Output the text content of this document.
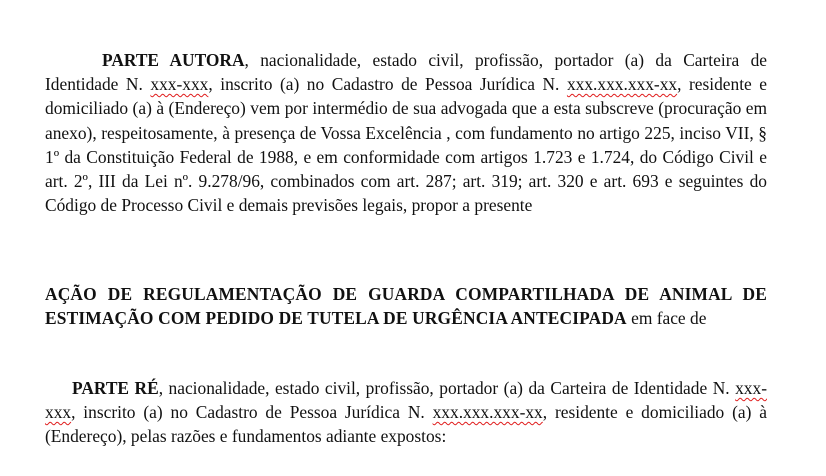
PARTE AUTORA, nacionalidade, estado civil, profissão, portador (a) da Carteira de Identidade N. xxx-xxx, inscrito (a) no Cadastro de Pessoa Jurídica N. xxx.xxx.xxx-xx, residente e domiciliado (a) à (Endereço) vem por intermédio de sua advogada que a esta subscreve (procuração em anexo), respeitosamente, à presença de Vossa Excelência , com fundamento no artigo 225, inciso VII, § 1º da Constituição Federal de 1988, e em conformidade com artigos 1.723 e 1.724, do Código Civil e art. 2º, III da Lei nº. 9.278/96, combinados com art. 287; art. 319; art. 320 e art. 693 e seguintes do Código de Processo Civil e demais previsões legais, propor a presente

AÇÃO DE REGULAMENTAÇÃO DE GUARDA COMPARTILHADA DE ANIMAL DE ESTIMAÇÃO COM PEDIDO DE TUTELA DE URGÊNCIA ANTECIPADA em face de

PARTE RÉ, nacionalidade, estado civil, profissão, portador (a) da Carteira de Identidade N. xxx-xxx, inscrito (a) no Cadastro de Pessoa Jurídica N. xxx.xxx.xxx-xx, residente e domiciliado (a) à (Endereço), pelas razões e fundamentos adiante expostos:
